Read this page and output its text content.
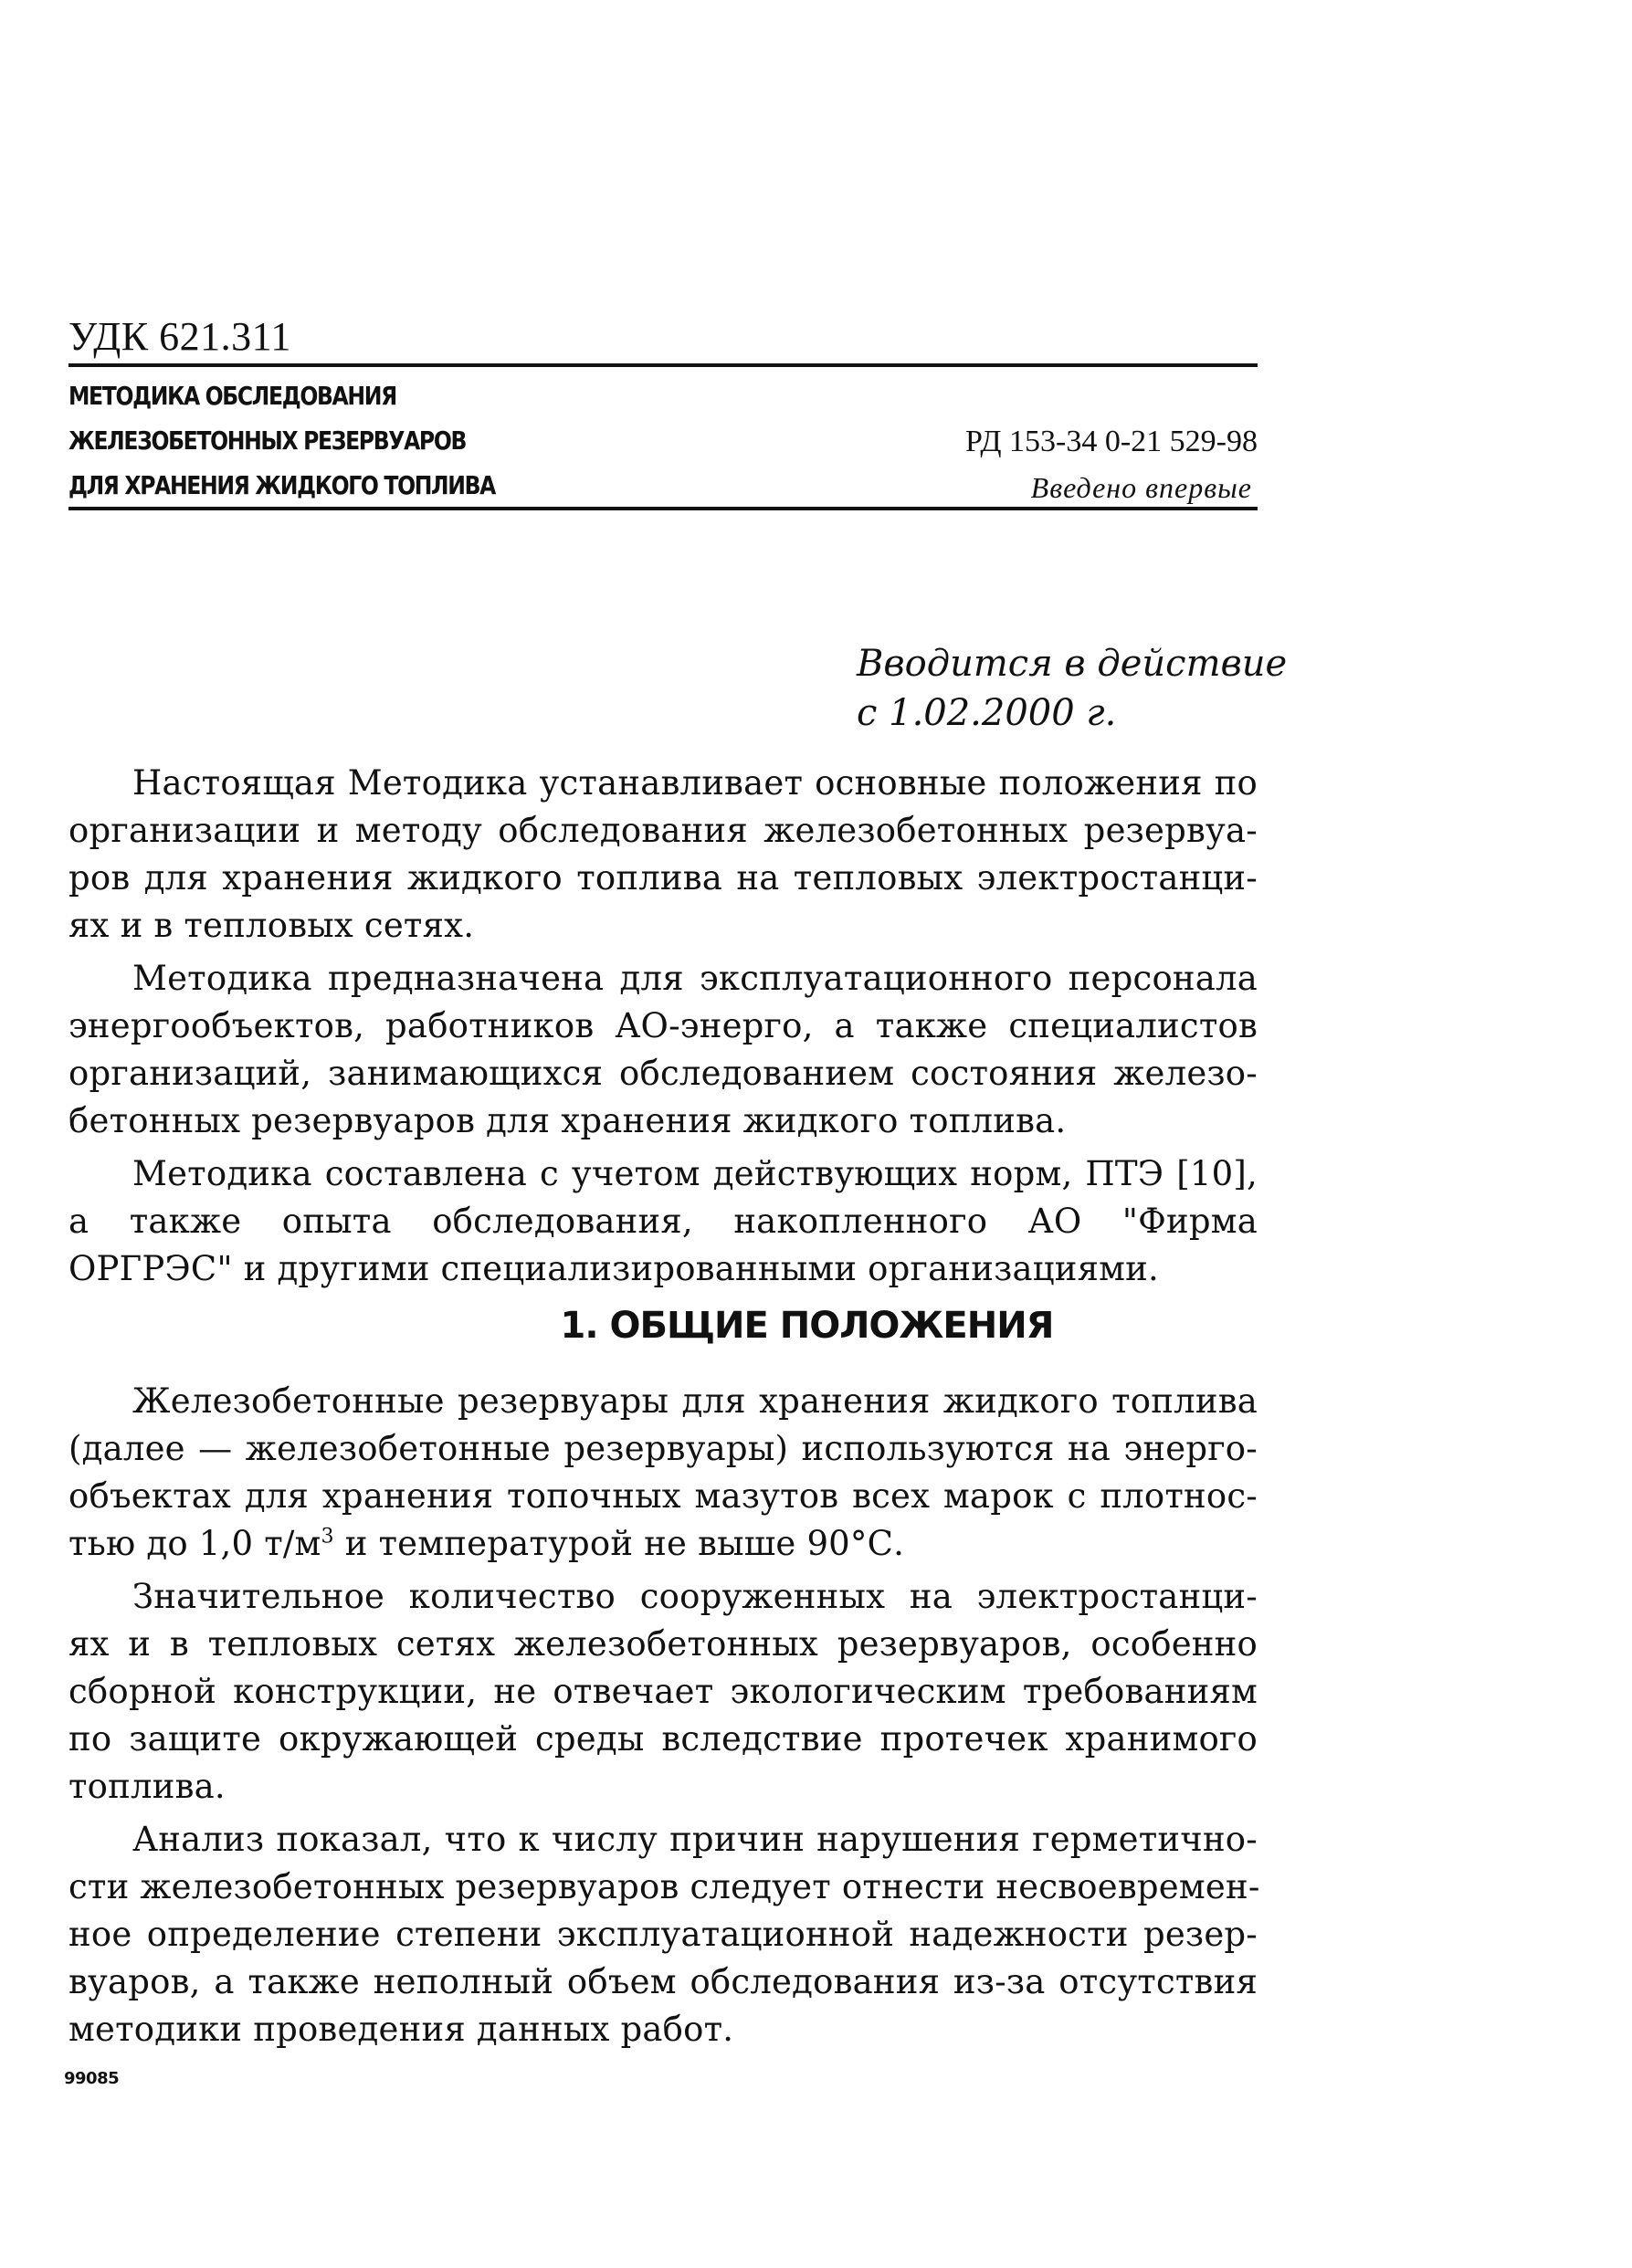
УДК 621.311
МЕТОДИКА ОБСЛЕДОВАНИЯ
ЖЕЛЕЗОБЕТОННЫХ РЕЗЕРВУАРОВ
ДЛЯ ХРАНЕНИЯ ЖИДКОГО ТОПЛИВА
РД 153-34 0-21 529-98
Введено впервые
Вводится в действие
с 1.02.2000 г.
Настоящая Методика устанавливает основные положения по
организации и методу обследования железобетонных резервуа-
ров для хранения жидкого топлива на тепловых электростанци-
ях и в тепловых сетях.
Методика предназначена для эксплуатационного персонала
энергообъектов, работников АО-энерго, а также специалистов
организаций, занимающихся обследованием состояния железо-
бетонных резервуаров для хранения жидкого топлива.
Методика составлена с учетом действующих норм, ПТЭ [10],
а также опыта обследования, накопленного АО "Фирма
ОРГРЭС" и другими специализированными организациями.
1. ОБЩИЕ ПОЛОЖЕНИЯ
Железобетонные резервуары для хранения жидкого топлива
(далее — железобетонные резервуары) используются на энерго-
объектах для хранения топочных мазутов всех марок с плотнос-
тью до 1,0 $т/м^3$ и температурой не выше 90°С.
Значительное количество сооруженных на электростанци-
ях и в тепловых сетях железобетонных резервуаров, особенно
сборной конструкции, не отвечает экологическим требованиям
по защите окружающей среды вследствие протечек хранимого
топлива.
Анализ показал, что к числу причин нарушения герметично-
сти железобетонных резервуаров следует отнести несвоевремен-
ное определение степени эксплуатационной надежности резер-
вуаров, а также неполный объем обследования из-за отсутствия
методики проведения данных работ.
99085
